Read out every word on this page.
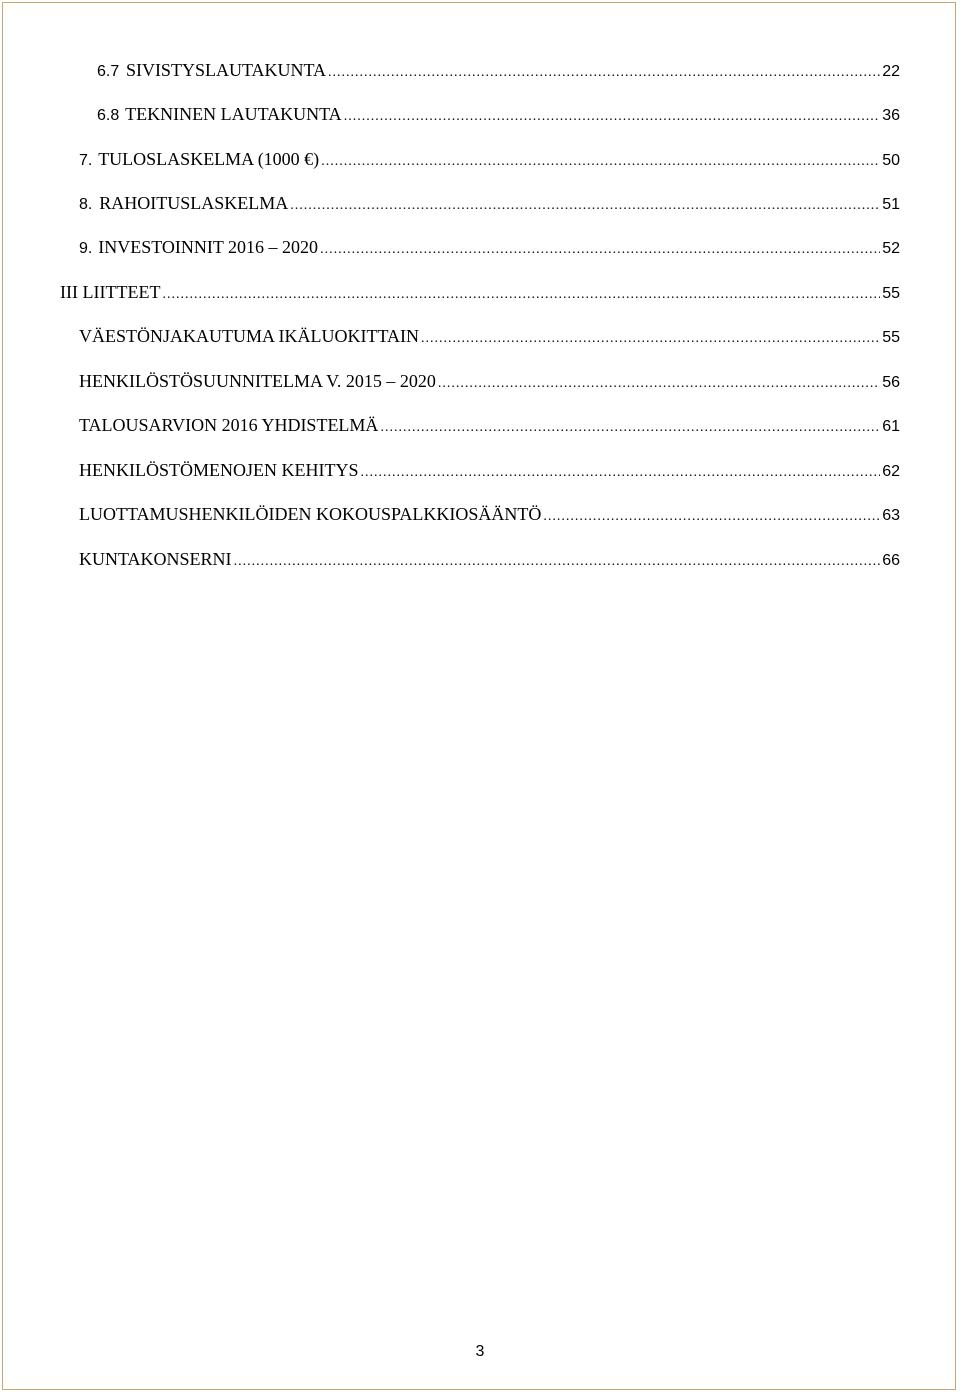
6.7 SIVISTYSLAUTAKUNTA .....	22
6.8 TEKNINEN LAUTAKUNTA .....	36
7. TULOSLASKELMA (1000 €) .....	50
8. RAHOITUSLASKELMA .....	51
9. INVESTOINNIT 2016 – 2020 .....	52
III LIITTEET .....	55
VÄESTÖNJAKAUTUMA IKÄLUOKITTAIN .....	55
HENKILÖSTÖSUUNNITELMA V. 2015 – 2020 .....	56
TALOUSARVION 2016 YHDISTELMÄ .....	61
HENKILÖSTÖMENOJEN KEHITYS .....	62
LUOTTAMUSHENKILÖIDEN KOKOUSPALKKIOSÄÄNTÖ .....	63
KUNTAKONSERNI .....	66
3
